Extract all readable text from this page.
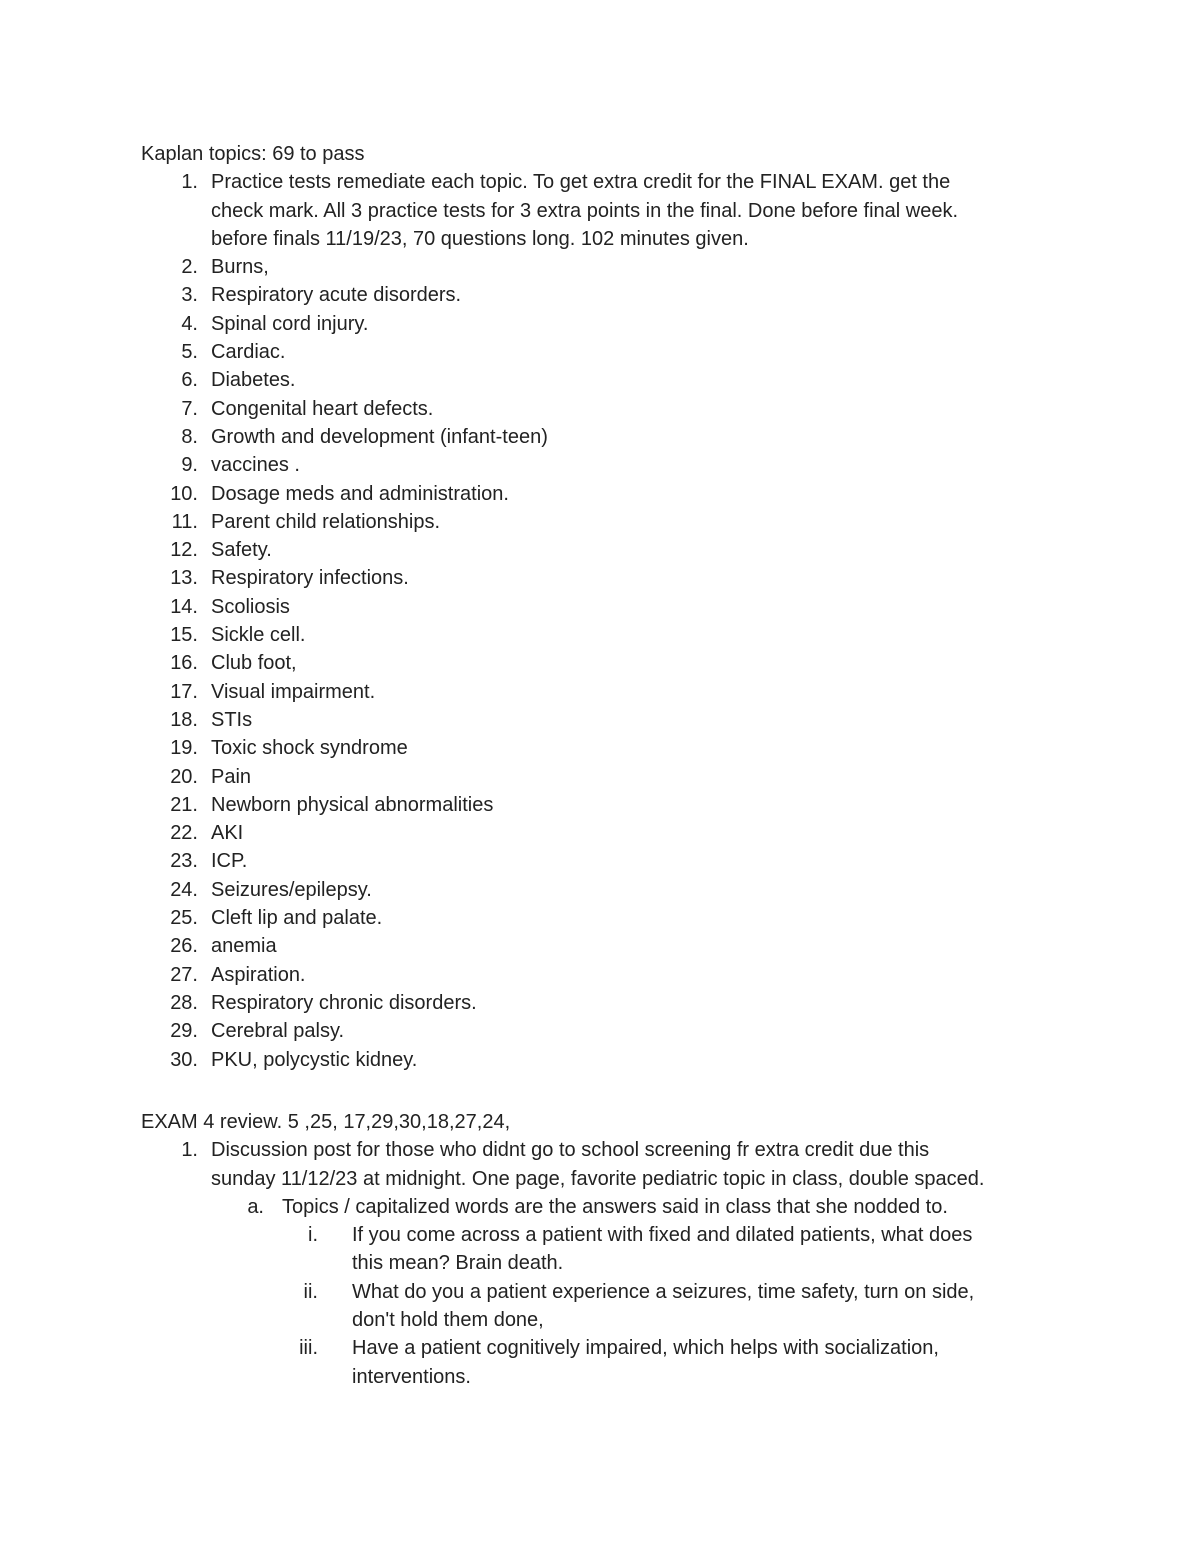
Kaplan topics: 69 to pass
1. Practice tests remediate each topic. To get extra credit for the FINAL EXAM. get the
check mark. All 3 practice tests for 3 extra points in the final. Done before final week.
before finals 11/19/23, 70 questions long. 102 minutes given.
2. Burns,
3. Respiratory acute disorders.
4. Spinal cord injury.
5. Cardiac.
6. Diabetes.
7. Congenital heart defects.
8. Growth and development (infant-teen)
9. vaccines .
10. Dosage meds and administration.
11. Parent child relationships.
12. Safety.
13. Respiratory infections.
14. Scoliosis
15. Sickle cell.
16. Club foot,
17. Visual impairment.
18. STIs
19. Toxic shock syndrome
20. Pain
21. Newborn physical abnormalities
22. AKI
23. ICP.
24. Seizures/epilepsy.
25. Cleft lip and palate.
26. anemia
27. Aspiration.
28. Respiratory chronic disorders.
29. Cerebral palsy.
30. PKU, polycystic kidney.
EXAM 4 review. 5 ,25, 17,29,30,18,27,24,
1. Discussion post for those who didnt go to school screening fr extra credit due this
sunday 11/12/23 at midnight. One page, favorite pediatric topic in class, double spaced.
a. Topics / capitalized words are the answers said in class that she nodded to.
i. If you come across a patient with fixed and dilated patients, what does
this mean? Brain death.
ii. What do you a patient experience a seizures, time safety, turn on side,
don't hold them done,
iii. Have a patient cognitively impaired, which helps with socialization,
interventions.
